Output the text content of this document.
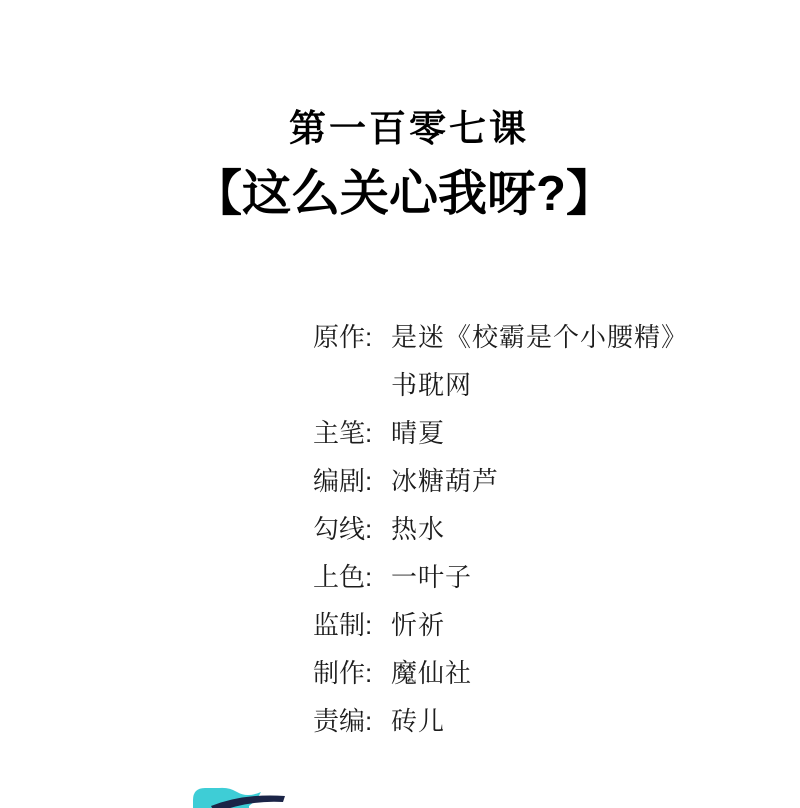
第一百零七课
【这么关心我呀?】
原作: 是迷《校霸是个小腰精》
书耽网
主笔: 晴夏
编剧: 冰糖葫芦
勾线: 热水
上色: 一叶子
监制: 忻祈
制作: 魔仙社
责编: 砖儿
